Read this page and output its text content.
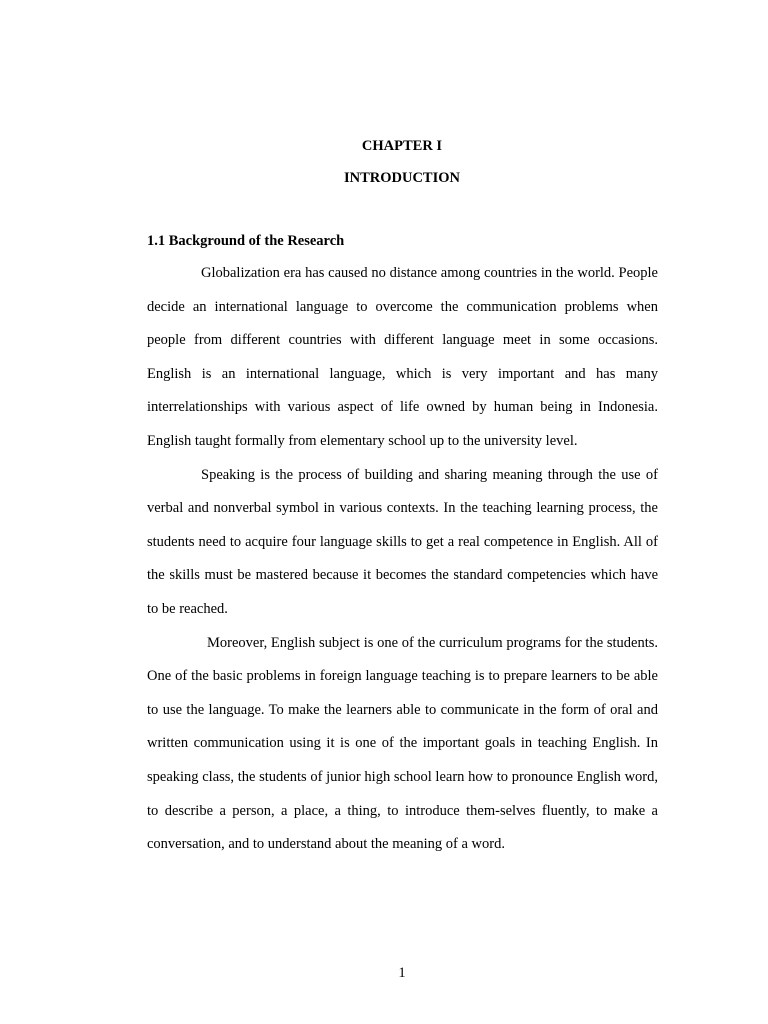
CHAPTER I
INTRODUCTION
1.1 Background of the Research

Globalization era has caused no distance among countries in the world. People decide an international language to overcome the communication problems when people from different countries with different language meet in some occasions. English is an international language, which is very important and has many interrelationships with various aspect of life owned by human being in Indonesia. English taught formally from elementary school up to the university level.

Speaking is the process of building and sharing meaning through the use of verbal and nonverbal symbol in various contexts. In the teaching learning process, the students need to acquire four language skills to get a real competence in English. All of the skills must be mastered because it becomes the standard competencies which have to be reached.

Moreover, English subject is one of the curriculum programs for the students. One of the basic problems in foreign language teaching is to prepare learners to be able to use the language. To make the learners able to communicate in the form of oral and written communication using it is one of the important goals in teaching English. In speaking class, the students of junior high school learn how to pronounce English word, to describe a person, a place, a thing, to introduce them-selves fluently, to make a conversation, and to understand about the meaning of a word.

1
